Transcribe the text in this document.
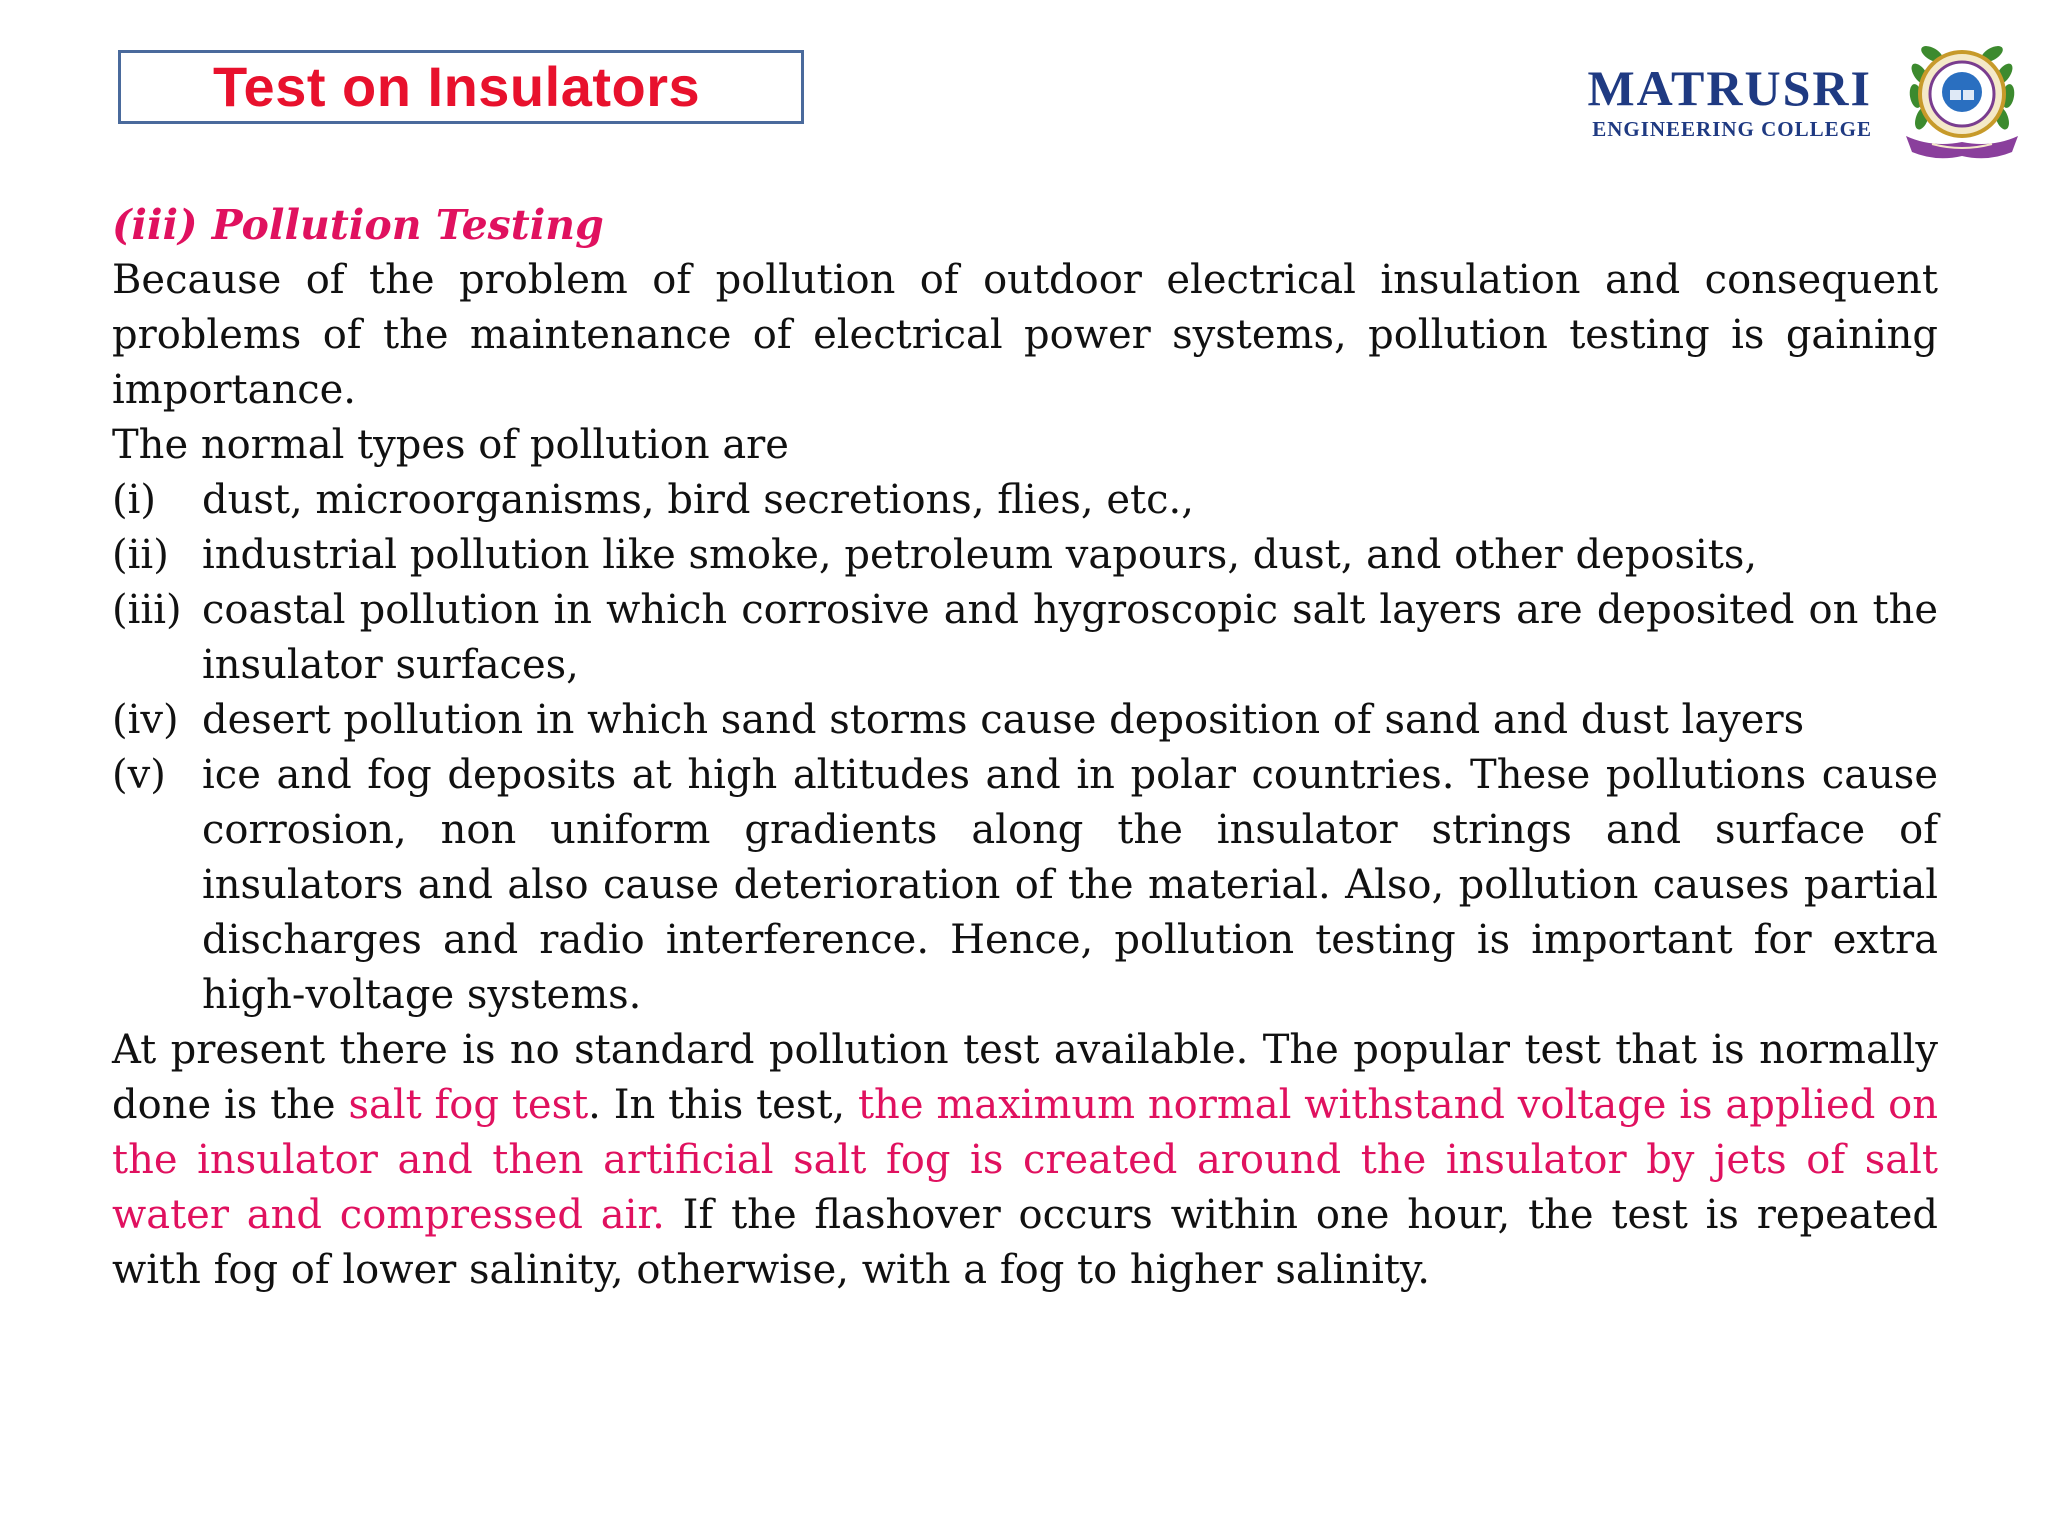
Test on Insulators	MATRUSRI
ENGINEERING COLLEGE
(iii) Pollution Testing
Because of the problem of pollution of outdoor electrical insulation and consequent problems of the maintenance of electrical power systems, pollution testing is gaining importance.
The normal types of pollution are
(i)	dust, microorganisms, bird secretions, flies, etc.,
(ii) industrial pollution like smoke, petroleum vapours, dust, and other deposits,
(iii) coastal pollution in which corrosive and hygroscopic salt layers are deposited on the insulator surfaces,
(iv) desert pollution in which sand storms cause deposition of sand and dust layers
(v) ice and fog deposits at high altitudes and in polar countries. These pollutions cause corrosion, non uniform gradients along the insulator strings and surface of insulators and also cause deterioration of the material. Also, pollution causes partial discharges and radio interference. Hence, pollution testing is important for extra high-voltage systems.
At present there is no standard pollution test available. The popular test that is normally done is the salt fog test. In this test, the maximum normal withstand voltage is applied on the insulator and then artificial salt fog is created around the insulator by jets of salt water and compressed air. If the flashover occurs within one hour, the test is repeated with fog of lower salinity, otherwise, with a fog to higher salinity.
